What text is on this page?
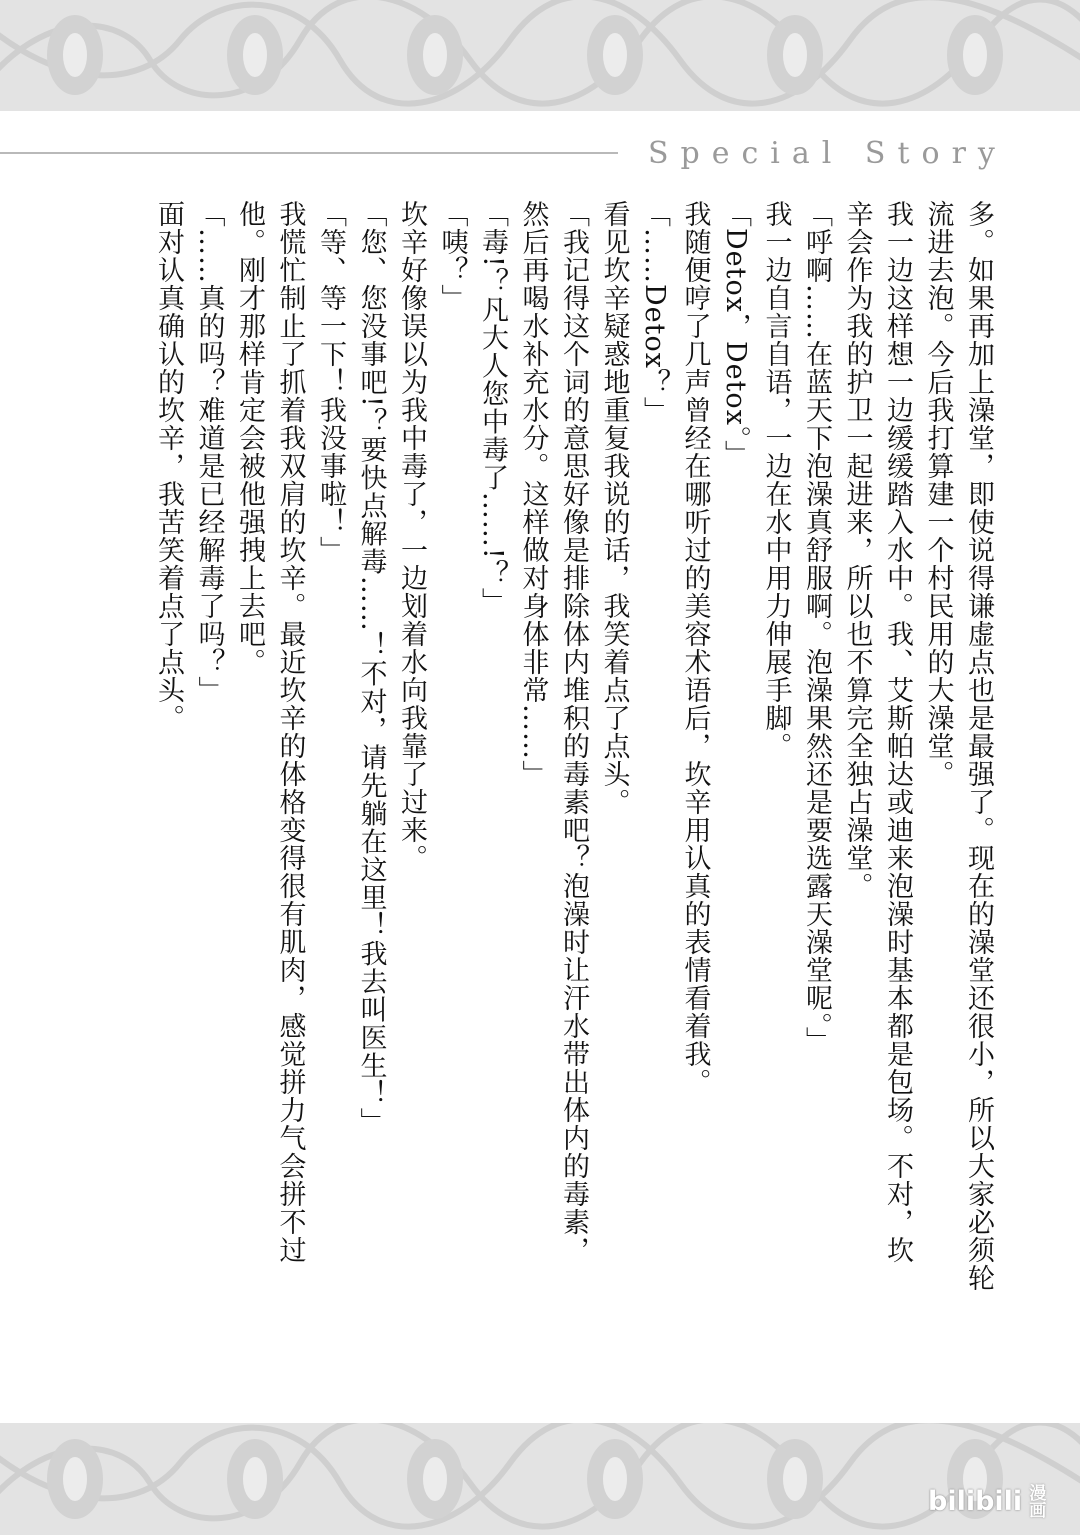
Special Story
多。如果再加上澡堂，即使说得谦虚点也是最强了。现在的澡堂还很小，所以大家必须轮
流进去泡。今后我打算建一个村民用的大澡堂。
我一边这样想一边缓缓踏入水中。我、艾斯帕达或迪来泡澡时基本都是包场。不对，坎
辛会作为我的护卫一起进来，所以也不算完全独占澡堂。
「呼啊……在蓝天下泡澡真舒服啊。泡澡果然还是要选露天澡堂呢。」
我一边自言自语，一边在水中用力伸展手脚。
「Detox，Detox。」
我随便哼了几声曾经在哪听过的美容术语后，坎辛用认真的表情看着我。
「……Detox？」
看见坎辛疑惑地重复我说的话，我笑着点了点头。
「我记得这个词的意思好像是排除体内堆积的毒素吧？泡澡时让汗水带出体内的毒素，
然后再喝水补充水分。这样做对身体非常……」
「毒!？凡大人您中毒了……!？」
「咦？」
坎辛好像误以为我中毒了，一边划着水向我靠了过来。
「您、您没事吧!？要快点解毒……！不对，请先躺在这里！我去叫医生！」
「等、等一下！我没事啦！」
我慌忙制止了抓着我双肩的坎辛。最近坎辛的体格变得很有肌肉，感觉拼力气会拼不过
他。刚才那样肯定会被他强拽上去吧。
「……真的吗？难道是已经解毒了吗？」
面对认真确认的坎辛，我苦笑着点了点头。
bilibili 漫画
